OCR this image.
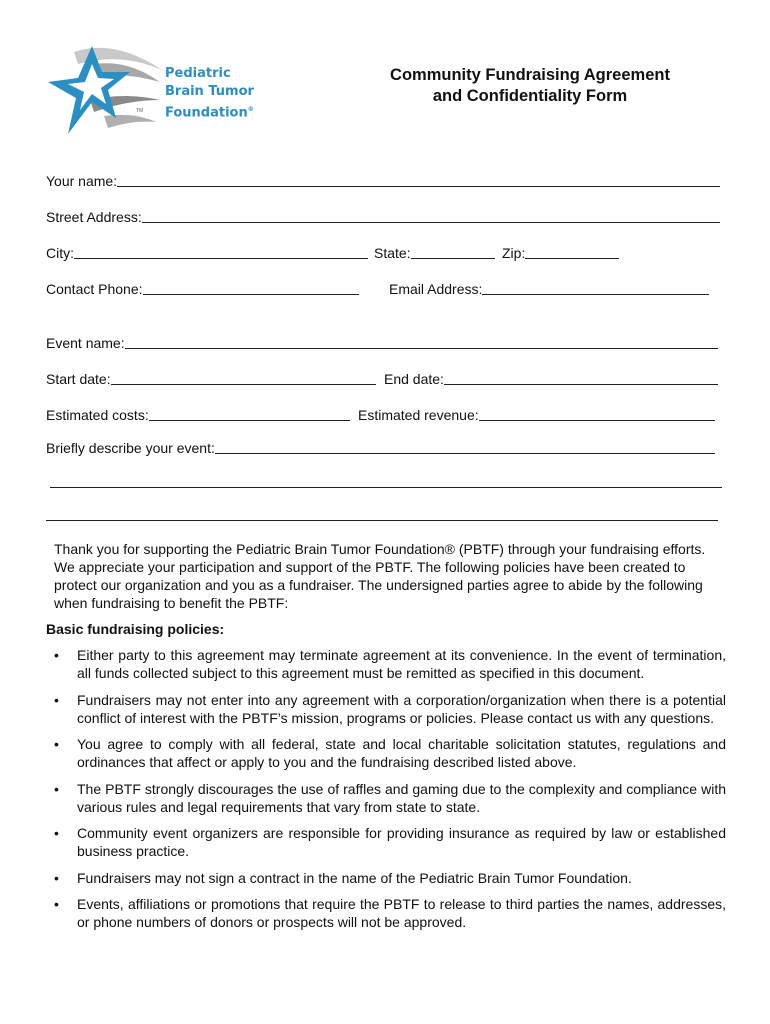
Pediatric
Brain Tumor
Foundation®
TM
Community Fundraising Agreement
and Confidentiality Form
Your name:
Street Address:
City:	State:	Zip:
Contact Phone:	Email Address:
Event name:
Start date:	End date:
Estimated costs:	Estimated revenue:
Briefly describe your event:
Thank you for supporting the Pediatric Brain Tumor Foundation® (PBTF) through your fundraising efforts. We appreciate your participation and support of the PBTF. The following policies have been created to protect our organization and you as a fundraiser. The undersigned parties agree to abide by the following when fundraising to benefit the PBTF:
Basic fundraising policies:
• Either party to this agreement may terminate agreement at its convenience. In the event of termination, all funds collected subject to this agreement must be remitted as specified in this document.
• Fundraisers may not enter into any agreement with a corporation/organization when there is a potential conflict of interest with the PBTF’s mission, programs or policies. Please contact us with any questions.
• You agree to comply with all federal, state and local charitable solicitation statutes, regulations and ordinances that affect or apply to you and the fundraising described listed above.
• The PBTF strongly discourages the use of raffles and gaming due to the complexity and compliance with various rules and legal requirements that vary from state to state.
• Community event organizers are responsible for providing insurance as required by law or established business practice.
• Fundraisers may not sign a contract in the name of the Pediatric Brain Tumor Foundation.
• Events, affiliations or promotions that require the PBTF to release to third parties the names, addresses, or phone numbers of donors or prospects will not be approved.
